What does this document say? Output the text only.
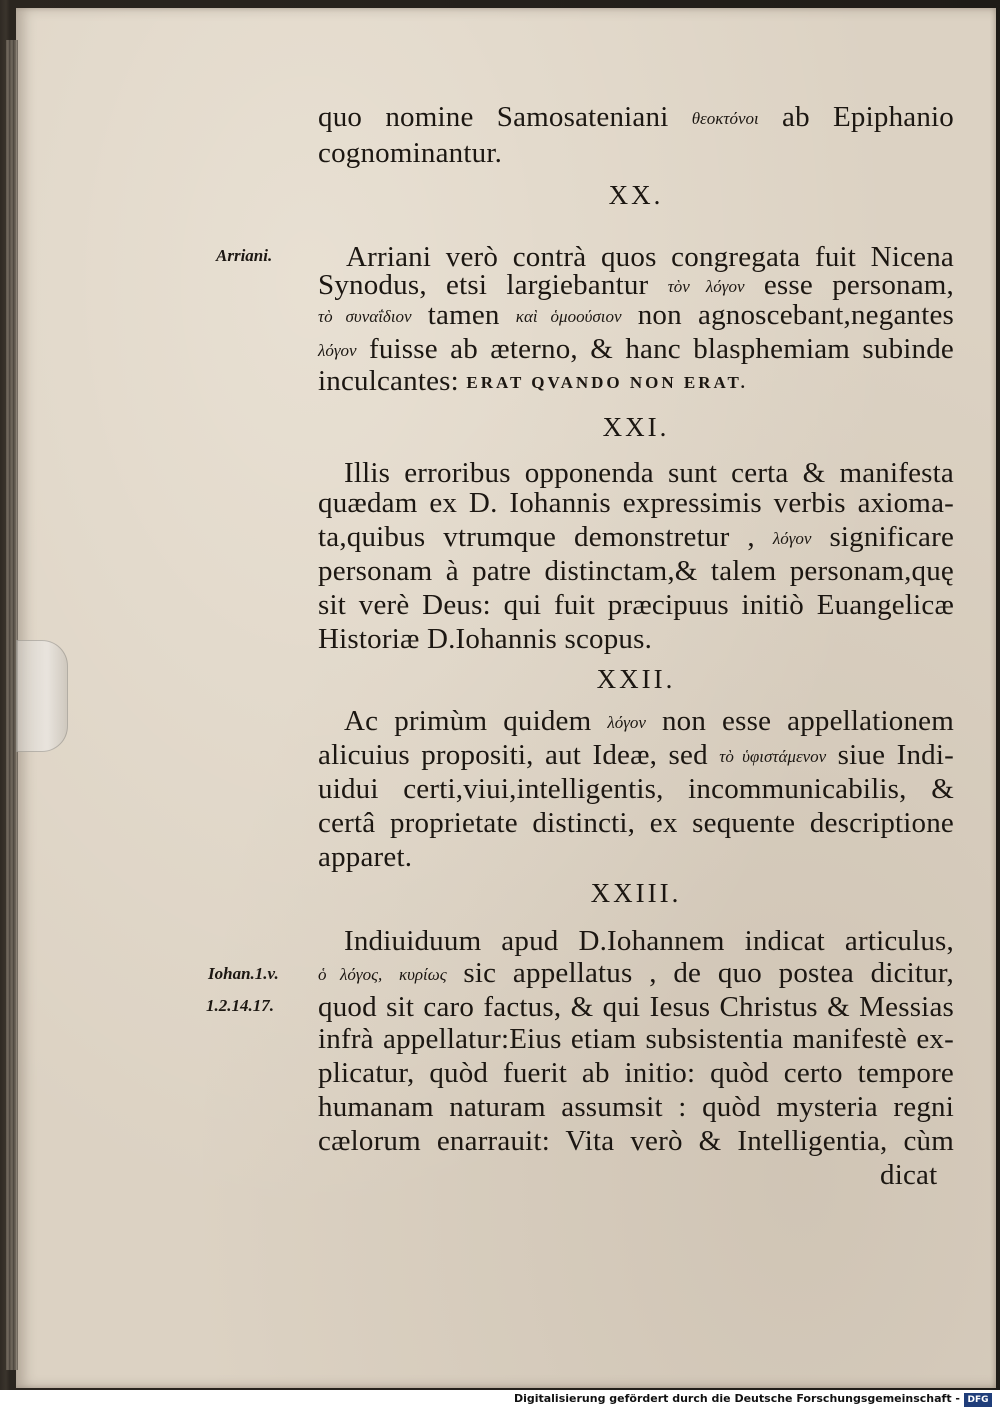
quo nomine Samosateniani θεοκτόνοι ab Epiphanio
cognominantur.
XX.
Arriani.	Arriani verò contrà quos congregata fuit Nicena
Synodus, etsi largiebantur τὸν λόγον esse personam,
τὸ συναΐδιον tamen καὶ ὁμοούσιον non agnoscebant,negantes
λόγον fuisse ab æterno, & hanc blasphemiam subinde
inculcantes: ERAT QVANDO NON ERAT.
XXI.
Illis erroribus opponenda sunt certa & manifesta
quædam ex D. Iohannis expressimis verbis axioma-
ta,quibus vtrumque demonstretur , λόγον significare
personam à patre distinctam,& talem personam,quę
sit verè Deus: qui fuit præcipuus initiò Euangelicæ
Historiæ D.Iohannis scopus.
XXII.
Ac primùm quidem λόγον non esse appellationem
alicuius propositi, aut Ideæ, sed τὸ ὑφιστάμενον siue Indi-
uidui certi,viui,intelligentis, incommunicabilis, &
certâ proprietate distincti, ex sequente descriptione
apparet.
XXIII.
Indiuiduum apud D.Iohannem indicat articulus,
Iohan.1.v.
1.2.14.17.
ὁ λόγος, κυρίως sic appellatus , de quo postea dicitur,
quod sit caro factus, & qui Iesus Christus & Messias
infrà appellatur:Eius etiam subsistentia manifestè ex-
plicatur, quòd fuerit ab initio: quòd certo tempore
humanam naturam assumsit : quòd mysteria regni
cælorum enarrauit: Vita verò & Intelligentia, cùm
dicat
Digitalisierung gefördert durch die Deutsche Forschungsgemeinschaft - DFG
